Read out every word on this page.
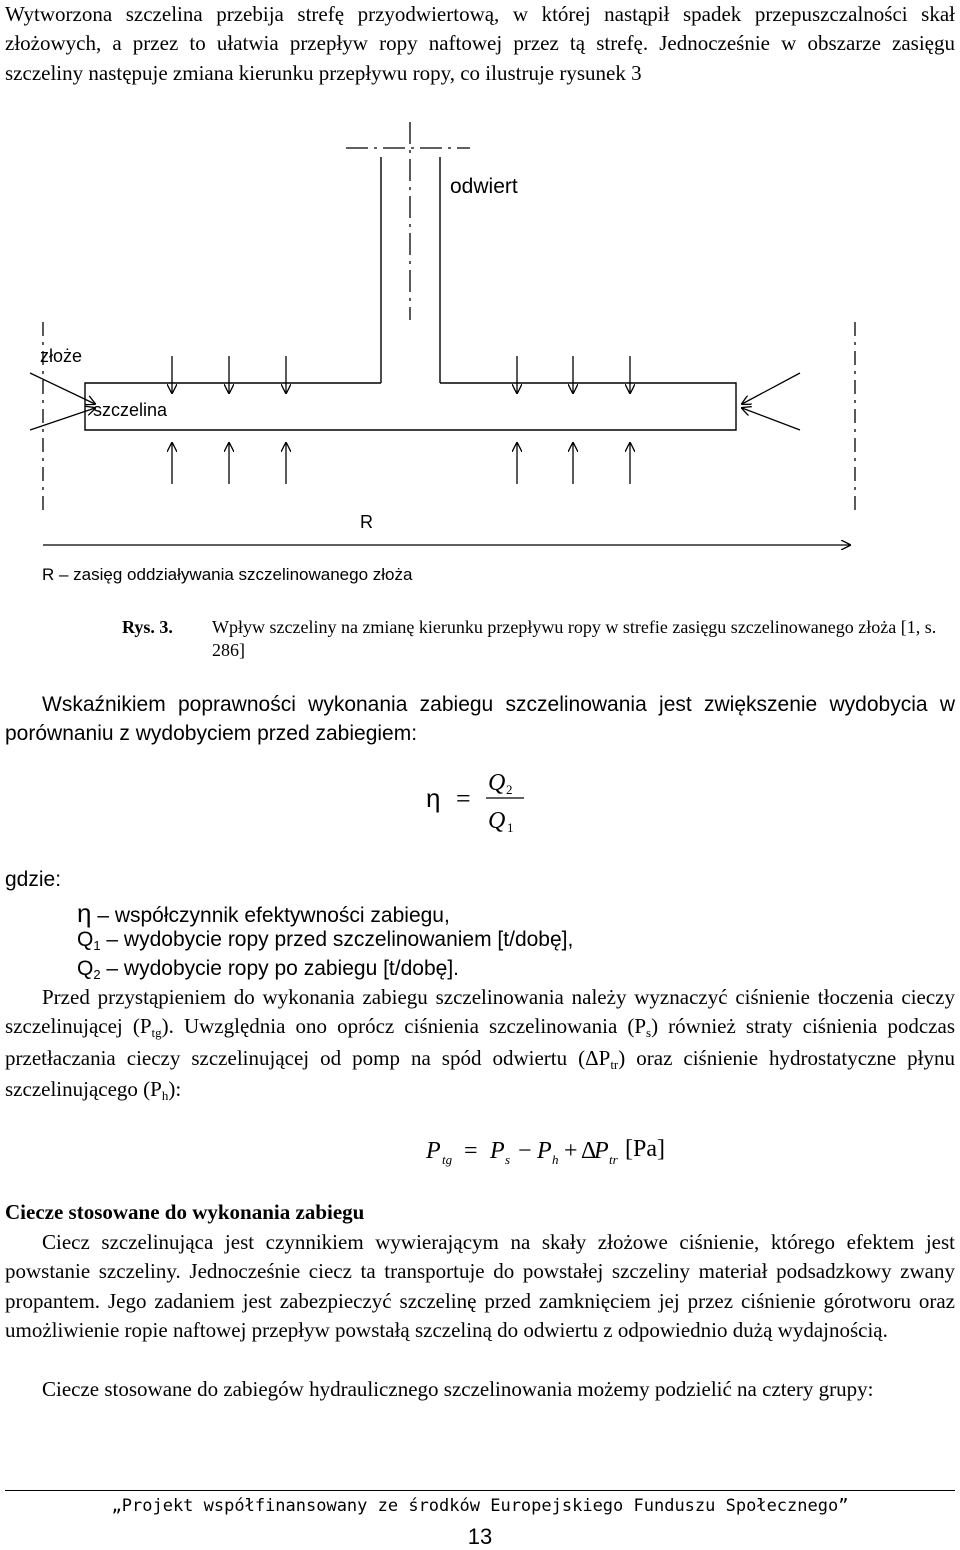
Wytworzona szczelina przebija strefę przyodwiertową, w której nastąpił spadek przepuszczalności skał złożowych, a przez to ułatwia przepływ ropy naftowej przez tą strefę. Jednocześnie w obszarze zasięgu szczeliny następuje zmiana kierunku przepływu ropy, co ilustruje rysunek 3

odwiert
złoże
szczelina
R
R – zasięg oddziaływania szczelinowanego złoża
Rys. 3. Wpływ szczeliny na zmianę kierunku przepływu ropy w strefie zasięgu szczelinowanego złoża [1, s. 286]

Wskaźnikiem poprawności wykonania zabiegu szczelinowania jest zwiększenie wydobycia w porównaniu z wydobyciem przed zabiegiem:

η =
Q 2
Q 1
gdzie:
η – współczynnik efektywności zabiegu,
$Q_1$ – wydobycie ropy przed szczelinowaniem [t/dobę],
$Q_2$ – wydobycie ropy po zabiegu [t/dobę].

Przed przystąpieniem do wykonania zabiegu szczelinowania należy wyznaczyć ciśnienie tłoczenia cieczy szczelinującej $(P_{tg})$. Uwzględnia ono oprócz ciśnienia szczelinowania $(P_s)$ również straty ciśnienia podczas przetłaczania cieczy szczelinującej od pomp na spód odwiertu $(\Delta P_{tr})$ oraz ciśnienie hydrostatyczne płynu szczelinującego $(P_h)$:

P tg = P s − P h + Δ
P tr [Pa]
Ciecze stosowane do wykonania zabiegu

Ciecz szczelinująca jest czynnikiem wywierającym na skały złożowe ciśnienie, którego efektem jest powstanie szczeliny. Jednocześnie ciecz ta transportuje do powstałej szczeliny materiał podsadzkowy zwany propantem. Jego zadaniem jest zabezpieczyć szczelinę przed zamknięciem jej przez ciśnienie górotworu oraz umożliwienie ropie naftowej przepływ powstałą szczeliną do odwiertu z odpowiednio dużą wydajnością.

Ciecze stosowane do zabiegów hydraulicznego szczelinowania możemy podzielić na cztery grupy:

„Projekt współfinansowany ze środków Europejskiego Funduszu Społecznego”
13
